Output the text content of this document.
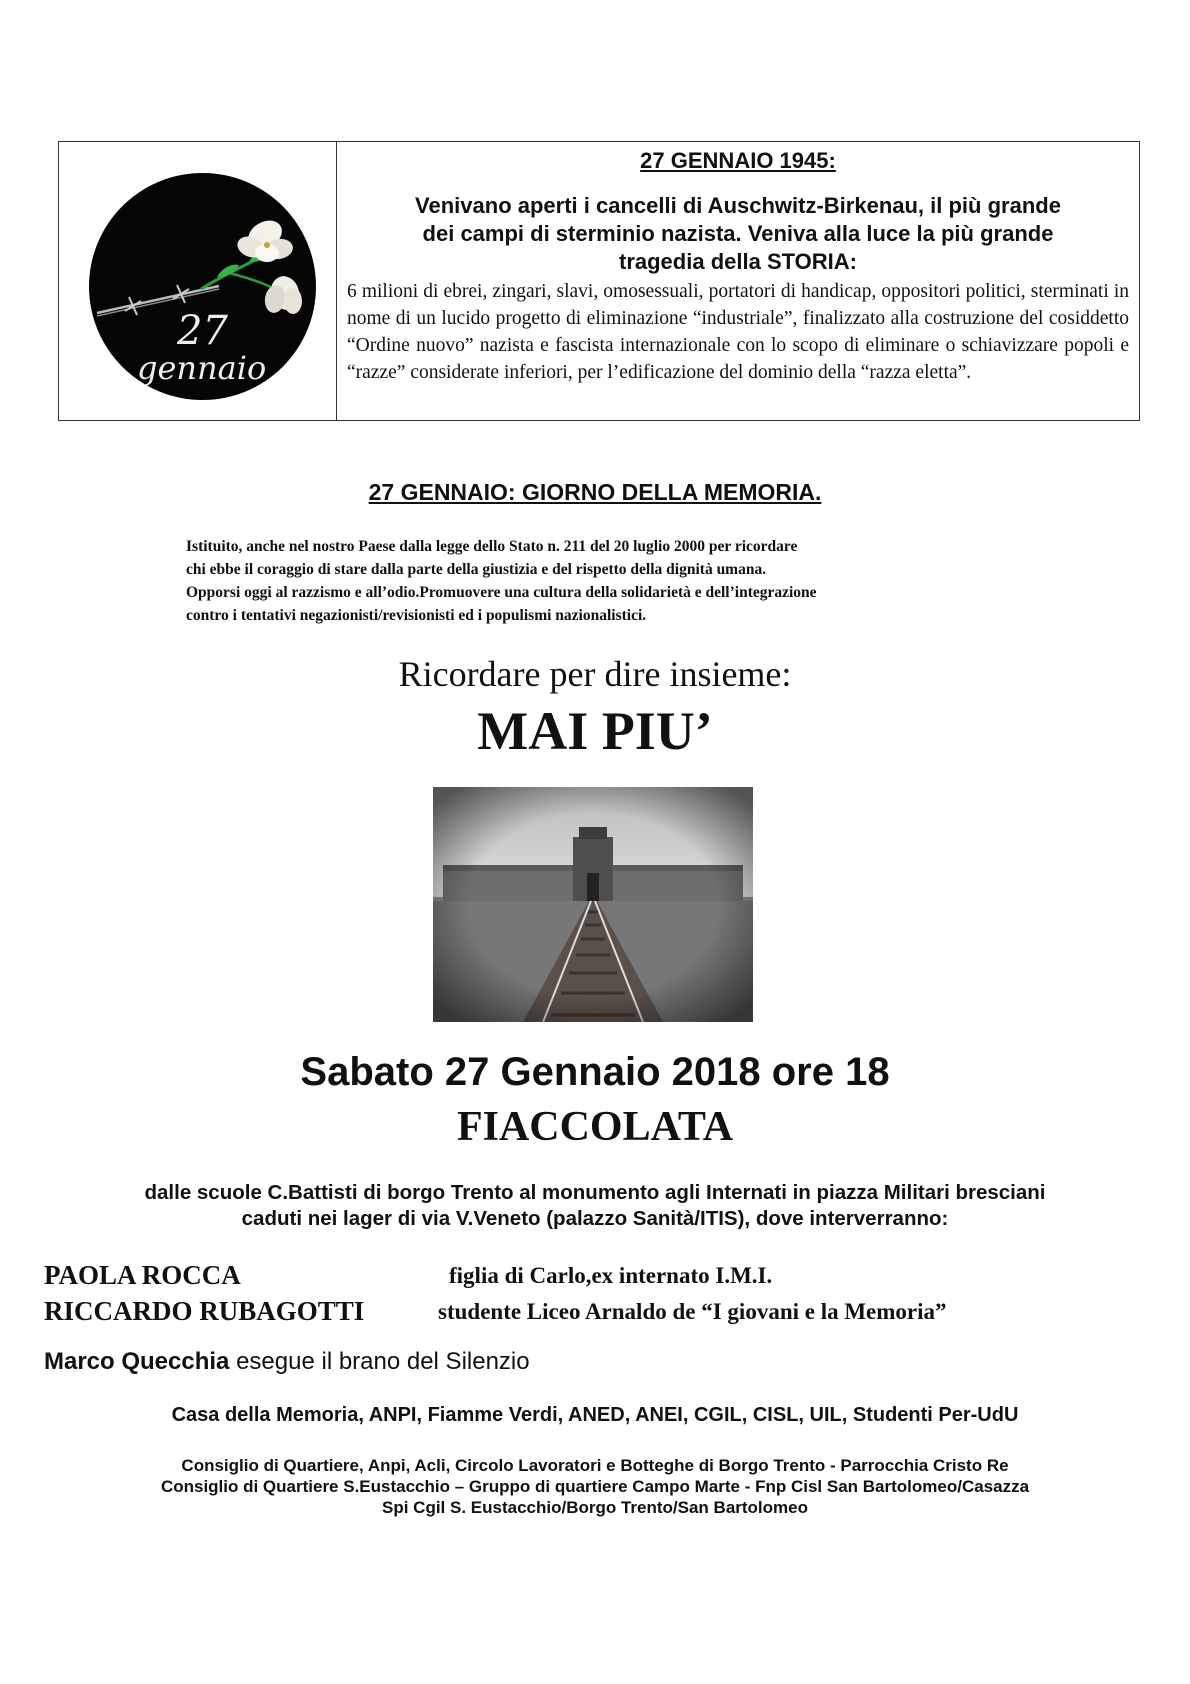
27
gennaio
27 GENNAIO 1945:
Venivano aperti i cancelli di Auschwitz-Birkenau, il più grande
dei campi di sterminio nazista. Veniva alla luce la più grande
tragedia della STORIA:
6 milioni di ebrei, zingari, slavi, omosessuali, portatori di handicap, oppositori politici, sterminati in nome di un lucido progetto di eliminazione “industriale”, finalizzato alla costruzione del cosiddetto “Ordine nuovo” nazista e fascista internazionale con lo scopo di eliminare o schiavizzare popoli e “razze” considerate inferiori, per l’edificazione del dominio della “razza eletta”.
27 GENNAIO: GIORNO DELLA MEMORIA.
Istituito, anche nel nostro Paese dalla legge dello Stato n. 211 del 20 luglio 2000 per ricordare
chi ebbe il coraggio di stare dalla parte della giustizia e del rispetto della dignità umana.
Opporsi oggi al razzismo e all’odio.Promuovere una cultura della solidarietà e dell’integrazione
contro i tentativi negazionisti/revisionisti ed i populismi nazionalistici.
Ricordare per dire insieme:
MAI PIU’
Sabato 27 Gennaio 2018 ore 18
FIACCOLATA
dalle scuole C.Battisti di borgo Trento al monumento agli Internati in piazza Militari bresciani
caduti nei lager di via V.Veneto (palazzo Sanità/ITIS), dove interverranno:
PAOLA ROCCA	figlia di Carlo,ex internato I.M.I.
RICCARDO RUBAGOTTI	studente Liceo Arnaldo de “I giovani e la Memoria”
Marco Quecchia esegue il brano del Silenzio
Casa della Memoria, ANPI, Fiamme Verdi, ANED, ANEI, CGIL, CISL, UIL, Studenti Per-UdU
Consiglio di Quartiere, Anpi, Acli, Circolo Lavoratori e Botteghe di Borgo Trento - Parrocchia Cristo Re
Consiglio di Quartiere S.Eustacchio – Gruppo di quartiere Campo Marte - Fnp Cisl San Bartolomeo/Casazza
Spi Cgil S. Eustacchio/Borgo Trento/San Bartolomeo
